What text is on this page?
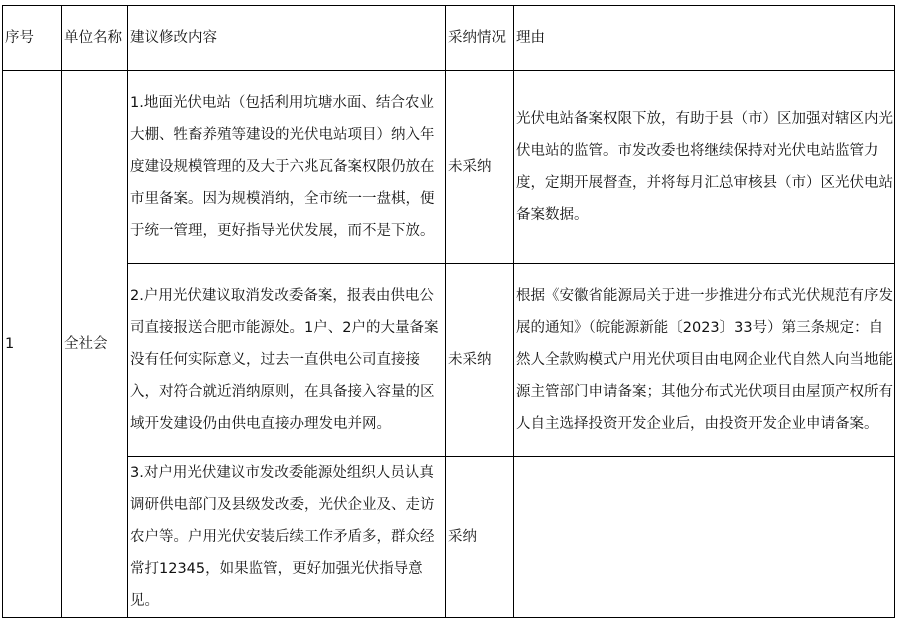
序号	单位名称	建议修改内容	采纳情况	理由
1	全社会	1.地面光伏电站（包括利用坑塘水面、结合农业大棚、牲畜养殖等建设的光伏电站项目）纳入年度建设规模管理的及大于六兆瓦备案权限仍放在市里备案。因为规模消纳，全市统一一盘棋，便于统一管理，更好指导光伏发展，而不是下放。	未采纳	光伏电站备案权限下放，有助于县（市）区加强对辖区内光伏电站的监管。市发改委也将继续保持对光伏电站监管力度，定期开展督查，并将每月汇总审核县（市）区光伏电站备案数据。
		2.户用光伏建议取消发改委备案，报表由供电公司直接报送合肥市能源处。1户、2户的大量备案没有任何实际意义，过去一直供电公司直接接入，对符合就近消纳原则，在具备接入容量的区域开发建设仍由供电直接办理发电并网。	未采纳	根据《安徽省能源局关于进一步推进分布式光伏规范有序发展的通知》（皖能源新能〔2023〕33号）第三条规定：自然人全款购模式户用光伏项目由电网企业代自然人向当地能源主管部门申请备案；其他分布式光伏项目由屋顶产权所有人自主选择投资开发企业后，由投资开发企业申请备案。
		3.对户用光伏建议市发改委能源处组织人员认真调研供电部门及县级发改委，光伏企业及、走访农户等。户用光伏安装后续工作矛盾多，群众经常打12345，如果监管，更好加强光伏指导意见。	采纳	
